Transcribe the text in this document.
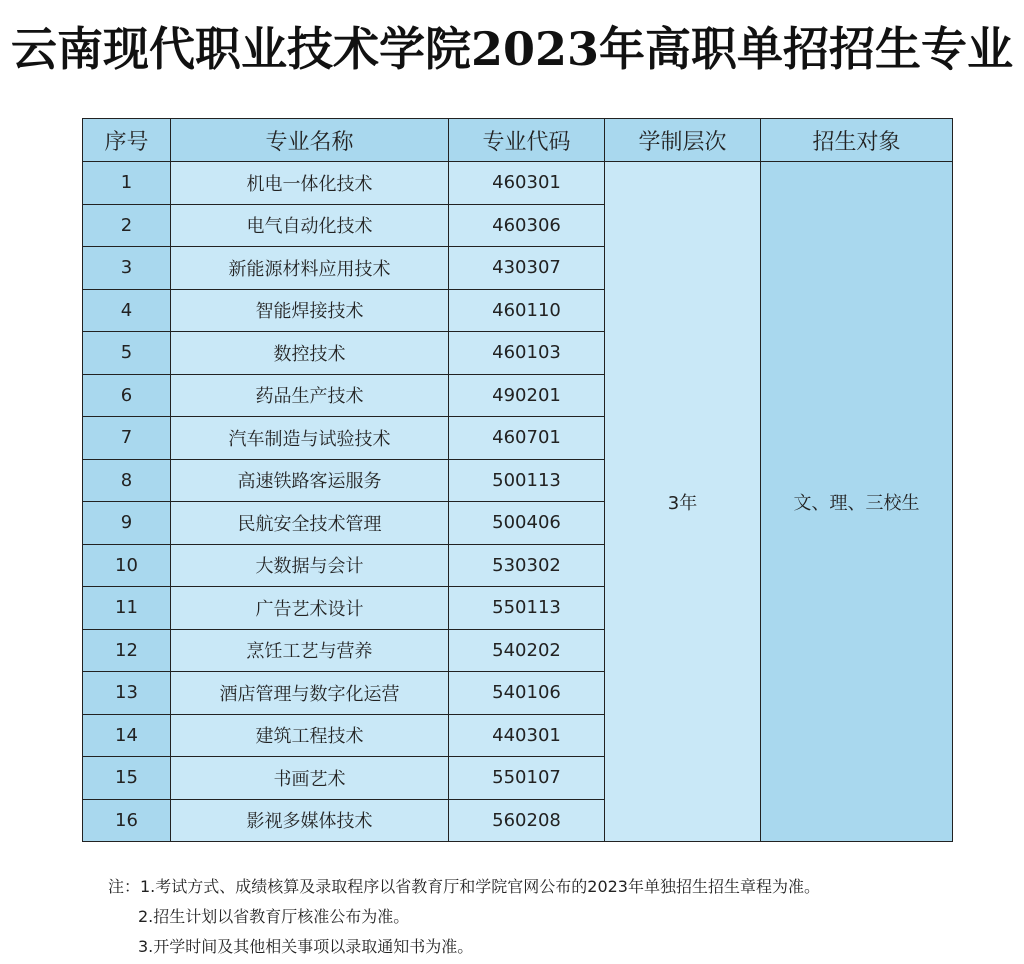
云南现代职业技术学院2023年高职单招招生专业
序号	专业名称	专业代码	学制层次	招生对象
1	机电一体化技术	460301	3年	文、理、三校生
2	电气自动化技术	460306		
3	新能源材料应用技术	430307		
4	智能焊接技术	460110		
5	数控技术	460103		
6	药品生产技术	490201		
7	汽车制造与试验技术	460701		
8	高速铁路客运服务	500113		
9	民航安全技术管理	500406		
10	大数据与会计	530302		
11	广告艺术设计	550113		
12	烹饪工艺与营养	540202		
13	酒店管理与数字化运营	540106		
14	建筑工程技术	440301		
15	书画艺术	550107		
16	影视多媒体技术	560208		
注：1.考试方式、成绩核算及录取程序以省教育厅和学院官网公布的2023年单独招生招生章程为准。
2.招生计划以省教育厅核准公布为准。
3.开学时间及其他相关事项以录取通知书为准。
